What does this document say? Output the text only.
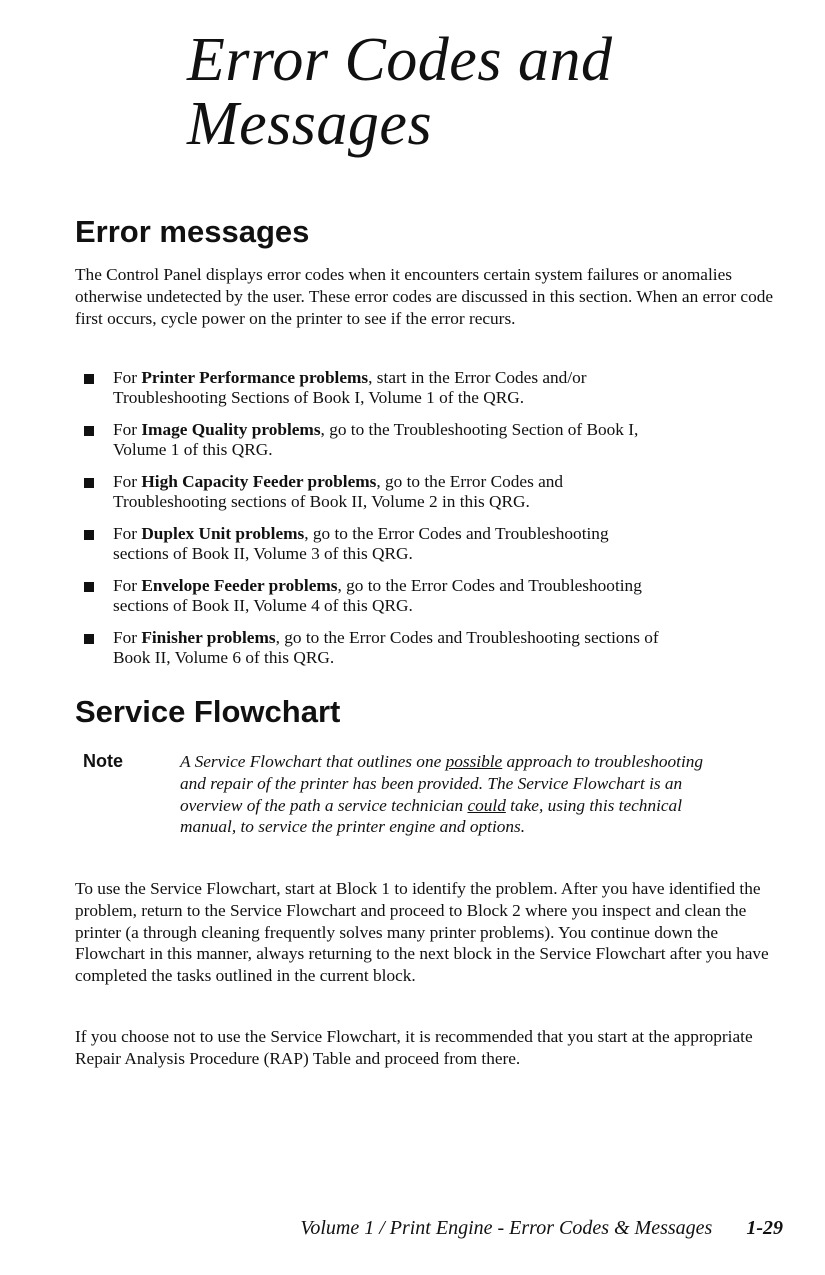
Error Codes and
Messages
Error messages

The Control Panel displays error codes when it encounters certain system failures or anomalies otherwise undetected by the user. These error codes are discussed in this section. When an error code first occurs, cycle power on the printer to see if the error recurs.

For Printer Performance problems, start in the Error Codes and/or
Troubleshooting Sections of Book I, Volume 1 of the QRG.
For Image Quality problems, go to the Troubleshooting Section of Book I,
Volume 1 of this QRG.
For High Capacity Feeder problems, go to the Error Codes and
Troubleshooting sections of Book II, Volume 2 in this QRG.
For Duplex Unit problems, go to the Error Codes and Troubleshooting
sections of Book II, Volume 3 of this QRG.
For Envelope Feeder problems, go to the Error Codes and Troubleshooting
sections of Book II, Volume 4 of this QRG.
For Finisher problems, go to the Error Codes and Troubleshooting sections of
Book II, Volume 6 of this QRG.
Service Flowchart
Note	A Service Flowchart that outlines one possible approach to troubleshooting and repair of the printer has been provided. The Service Flowchart is an overview of the path a service technician could take, using this technical manual, to service the printer engine and options.

To use the Service Flowchart, start at Block 1 to identify the problem. After you have identified the problem, return to the Service Flowchart and proceed to Block 2 where you inspect and clean the printer (a through cleaning frequently solves many printer problems). You continue down the Flowchart in this manner, always returning to the next block in the Service Flowchart after you have completed the tasks outlined in the current block.

If you choose not to use the Service Flowchart, it is recommended that you start at the appropriate Repair Analysis Procedure (RAP) Table and proceed from there.

Volume 1 / Print Engine - Error Codes & Messages 1-29
